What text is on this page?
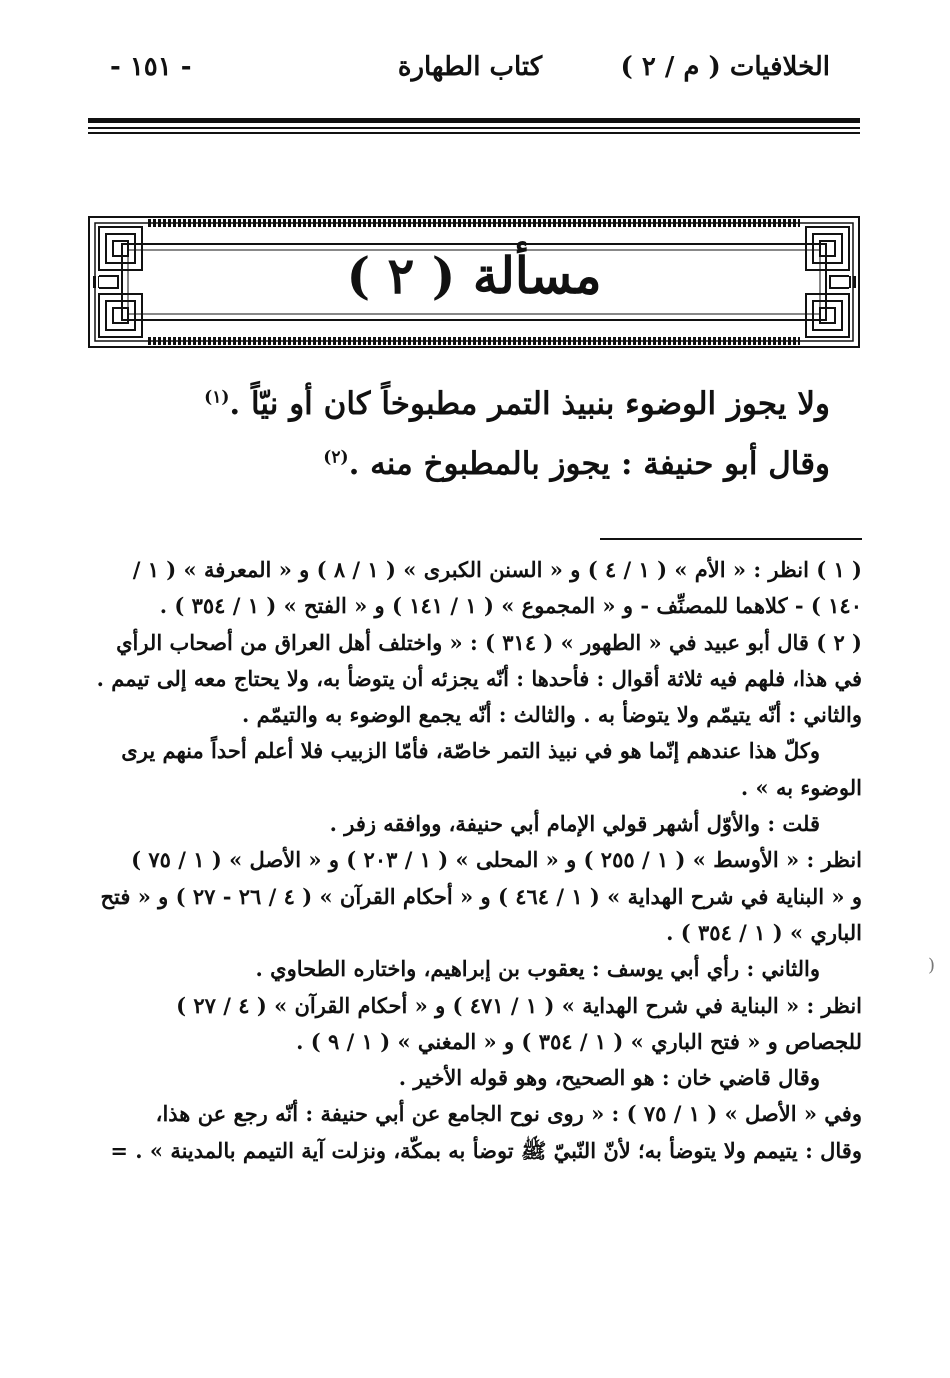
الخلافيات ( م / ٢ )
كتاب الطهارة
- ١٥١ -
مسألة ( ٢ )
ولا يجوز الوضوء بنبيذ التمر مطبوخاً كان أو نيّاً .$^{(١)}$
وقال أبو حنيفة : يجوز بالمطبوخ منه .$^{(٢)}$

( ١ ) انظر : « الأم » ( ١ / ٤ ) و « السنن الكبرى » ( ١ / ٨ ) و « المعرفة » ( ١ /

١٤٠ ) - كلاهما للمصنِّف - و « المجموع » ( ١ / ١٤١ ) و « الفتح » ( ١ / ٣٥٤ ) .

( ٢ ) قال أبو عبيد في « الطهور » ( ٣١٤ ) : « واختلف أهل العراق من أصحاب الرأي

في هذا، فلهم فيه ثلاثة أقوال : فأحدها : أنّه يجزئه أن يتوضأ به، ولا يحتاج معه إلى تيمم .

والثاني : أنّه يتيمّم ولا يتوضأ به . والثالث : أنّه يجمع الوضوء به والتيمّم .

وكلّ هذا عندهم إنّما هو في نبيذ التمر خاصّة، فأمّا الزبيب فلا أعلم أحداً منهم يرى

الوضوء به » .

قلت : والأوّل أشهر قولي الإمام أبي حنيفة، ووافقه زفر .

انظر : « الأوسط » ( ١ / ٢٥٥ ) و « المحلى » ( ١ / ٢٠٣ ) و « الأصل » ( ١ / ٧٥ )

و « البناية في شرح الهداية » ( ١ / ٤٦٤ ) و « أحكام القرآن » ( ٤ / ٢٦ - ٢٧ ) و « فتح

الباري » ( ١ / ٣٥٤ ) .

والثاني : رأي أبي يوسف : يعقوب بن إبراهيم، واختاره الطحاوي .

انظر : « البناية في شرح الهداية » ( ١ / ٤٧١ ) و « أحكام القرآن » ( ٤ / ٢٧ )

للجصاص و « فتح الباري » ( ١ / ٣٥٤ ) و « المغني » ( ١ / ٩ ) .

وقال قاضي خان : هو الصحيح، وهو قوله الأخير .

وفي « الأصل » ( ١ / ٧٥ ) : « روى نوح الجامع عن أبي حنيفة : أنّه رجع عن هذا،

وقال : يتيمم ولا يتوضأ به؛ لأنّ النّبيّ ﷺ توضأ به بمكّة، ونزلت آية التيمم بالمدينة » . =

)
